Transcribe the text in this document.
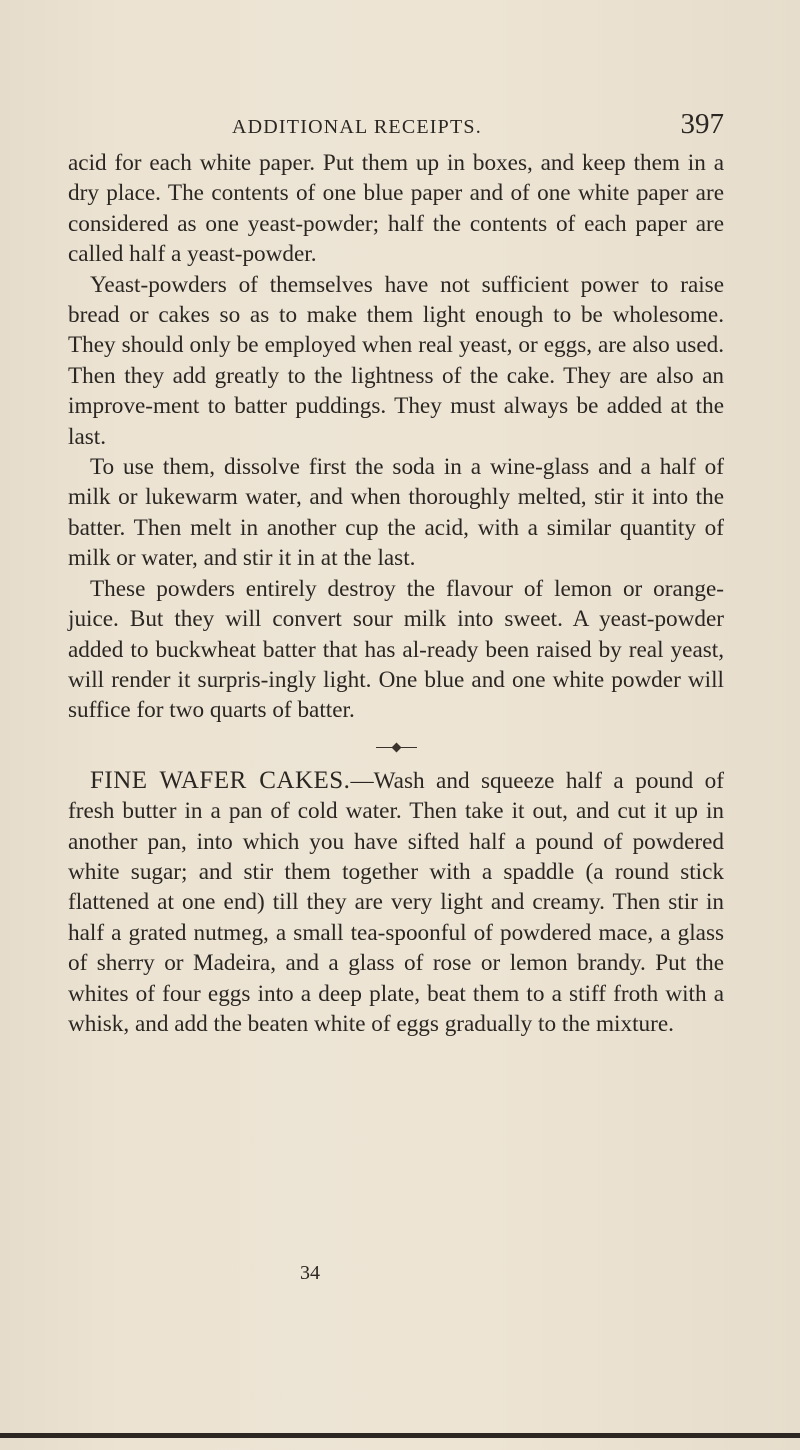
ADDITIONAL RECEIPTS.	397

acid for each white paper. Put them up in boxes, and keep them in a dry place. The contents of one blue paper and of one white paper are considered as one yeast-powder; half the contents of each paper are called half a yeast-powder.

Yeast-powders of themselves have not sufficient power to raise bread or cakes so as to make them light enough to be wholesome. They should only be employed when real yeast, or eggs, are also used. Then they add greatly to the lightness of the cake. They are also an improve-ment to batter puddings. They must always be added at the last.

To use them, dissolve first the soda in a wine-glass and a half of milk or lukewarm water, and when thoroughly melted, stir it into the batter. Then melt in another cup the acid, with a similar quantity of milk or water, and stir it in at the last.

These powders entirely destroy the flavour of lemon or orange-juice. But they will convert sour milk into sweet. A yeast-powder added to buckwheat batter that has al-ready been raised by real yeast, will render it surpris-ingly light. One blue and one white powder will suffice for two quarts of batter.

FINE WAFER CAKES.—Wash and squeeze half a pound of fresh butter in a pan of cold water. Then take it out, and cut it up in another pan, into which you have sifted half a pound of powdered white sugar; and stir them together with a spaddle (a round stick flattened at one end) till they are very light and creamy. Then stir in half a grated nutmeg, a small tea-spoonful of powdered mace, a glass of sherry or Madeira, and a glass of rose or lemon brandy. Put the whites of four eggs into a deep plate, beat them to a stiff froth with a whisk, and add the beaten white of eggs gradually to the mixture.

34
